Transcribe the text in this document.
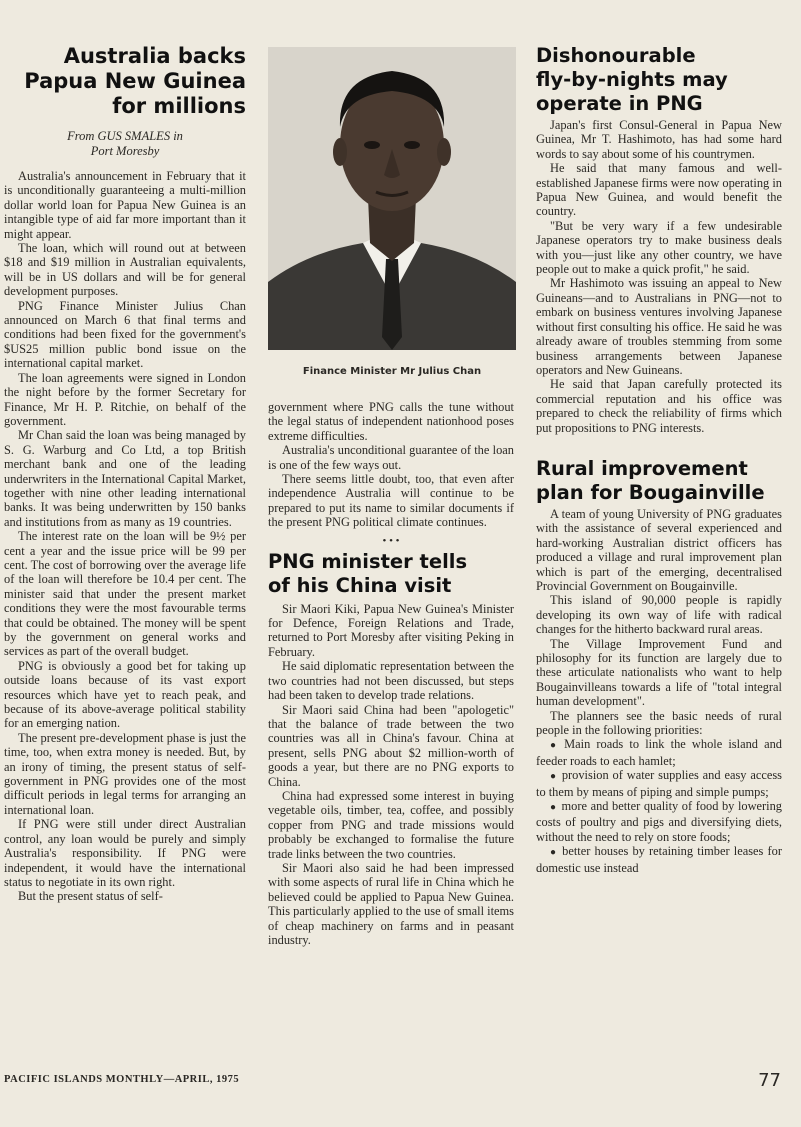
Australia backs
Papua New Guinea
for millions
From GUS SMALES in
Port Moresby

Australia's announcement in February that it is unconditionally guaranteeing a multi-million dollar world loan for Papua New Guinea is an intangible type of aid far more important than it might appear.

The loan, which will round out at between $18 and $19 million in Australian equivalents, will be in US dollars and will be for general development purposes.

PNG Finance Minister Julius Chan announced on March 6 that final terms and conditions had been fixed for the government's $US25 million public bond issue on the international capital market.

The loan agreements were signed in London the night before by the former Secretary for Finance, Mr H. P. Ritchie, on behalf of the government.

Mr Chan said the loan was being managed by S. G. Warburg and Co Ltd, a top British merchant bank and one of the leading underwriters in the International Capital Market, together with nine other leading international banks. It was being underwritten by 150 banks and institutions from as many as 19 countries.

The interest rate on the loan will be 9½ per cent a year and the issue price will be 99 per cent. The cost of borrowing over the average life of the loan will therefore be 10.4 per cent. The minister said that under the present market conditions they were the most favourable terms that could be obtained. The money will be spent by the government on general works and services as part of the overall budget.

PNG is obviously a good bet for taking up outside loans because of its vast export resources which have yet to reach peak, and because of its above-average political stability for an emerging nation.

The present pre-development phase is just the time, too, when extra money is needed. But, by an irony of timing, the present status of self-government in PNG provides one of the most difficult periods in legal terms for arranging an international loan.

If PNG were still under direct Australian control, any loan would be purely and simply Australia's responsibility. If PNG were independent, it would have the international status to negotiate in its own right.

But the present status of self-

Finance Minister Mr Julius Chan

government where PNG calls the tune without the legal status of independent nationhood poses extreme difficulties.

Australia's unconditional guarantee of the loan is one of the few ways out.

There seems little doubt, too, that even after independence Australia will continue to be prepared to put its name to similar documents if the present PNG political climate continues.

• • •
PNG minister tells
of his China visit

Sir Maori Kiki, Papua New Guinea's Minister for Defence, Foreign Relations and Trade, returned to Port Moresby after visiting Peking in February.

He said diplomatic representation between the two countries had not been discussed, but steps had been taken to develop trade relations.

Sir Maori said China had been "apologetic" that the balance of trade between the two countries was all in China's favour. China at present, sells PNG about $2 million-worth of goods a year, but there are no PNG exports to China.

China had expressed some interest in buying vegetable oils, timber, tea, coffee, and possibly copper from PNG and trade missions would probably be exchanged to formalise the future trade links between the two countries.

Sir Maori also said he had been impressed with some aspects of rural life in China which he believed could be applied to Papua New Guinea. This particularly applied to the use of small items of cheap machinery on farms and in peasant industry.

Dishonourable
fly-by-nights may
operate in PNG

Japan's first Consul-General in Papua New Guinea, Mr T. Hashimoto, has had some hard words to say about some of his countrymen.

He said that many famous and well-established Japanese firms were now operating in Papua New Guinea, and would benefit the country.

"But be very wary if a few undesirable Japanese operators try to make business deals with you—just like any other country, we have people out to make a quick profit," he said.

Mr Hashimoto was issuing an appeal to New Guineans—and to Australians in PNG—not to embark on business ventures involving Japanese without first consulting his office. He said he was already aware of troubles stemming from some business arrangements between Japanese operators and New Guineans.

He said that Japan carefully protected its commercial reputation and his office was prepared to check the reliability of firms which put propositions to PNG interests.

Rural improvement
plan for Bougainville

A team of young University of PNG graduates with the assistance of several experienced and hard-working Australian district officers has produced a village and rural improvement plan which is part of the emerging, decentralised Provincial Government on Bougainville.

This island of 90,000 people is rapidly developing its own way of life with radical changes for the hitherto backward rural areas.

The Village Improvement Fund and philosophy for its function are largely due to these articulate nationalists who want to help Bougainvilleans towards a life of "total integral human development".

The planners see the basic needs of rural people in the following priorities:

● Main roads to link the whole island and feeder roads to each hamlet;

● provision of water supplies and easy access to them by means of piping and simple pumps;

● more and better quality of food by lowering costs of poultry and pigs and diversifying diets, without the need to rely on store foods;

● better houses by retaining timber leases for domestic use instead

PACIFIC ISLANDS MONTHLY—APRIL, 1975	77
